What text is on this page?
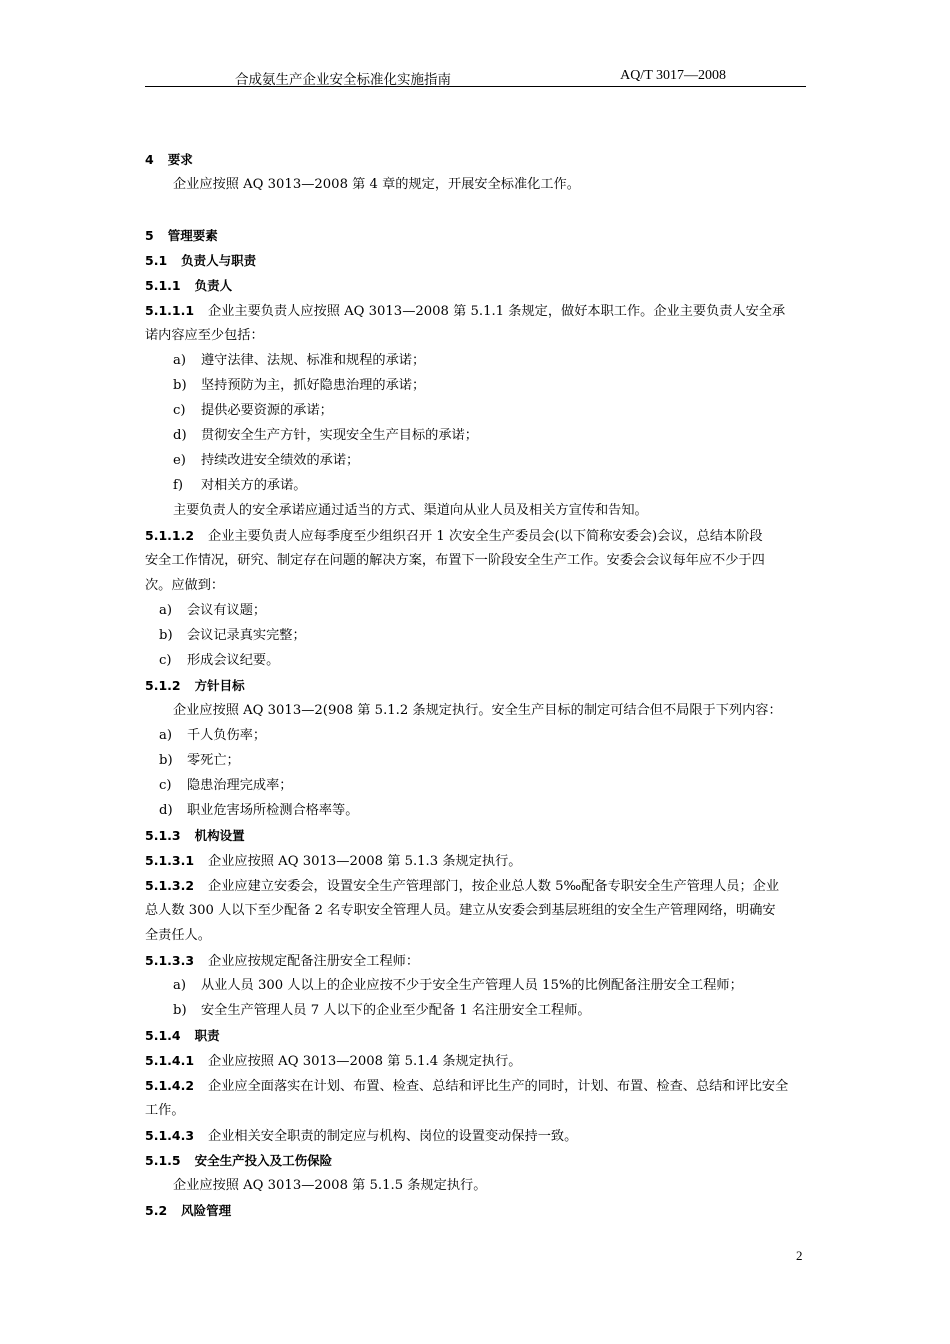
合成氨生产企业安全标准化实施指南	AQ/T 3017—2008
4 要求
企业应按照 AQ 3013—2008 第 4 章的规定，开展安全标准化工作。
5 管理要素
5.1 负责人与职责
5.1.1 负责人
5.1.1.1 企业主要负责人应按照 AQ 3013—2008 第 5.1.1 条规定，做好本职工作。企业主要负责人安全承
诺内容应至少包括：
a) 遵守法律、法规、标准和规程的承诺；
b) 坚持预防为主，抓好隐患治理的承诺；
c) 提供必要资源的承诺；
d) 贯彻安全生产方针，实现安全生产目标的承诺；
e) 持续改进安全绩效的承诺；
f) 对相关方的承诺。
主要负责人的安全承诺应通过适当的方式、渠道向从业人员及相关方宣传和告知。
5.1.1.2 企业主要负责人应每季度至少组织召开 1 次安全生产委员会(以下简称安委会)会议，总结本阶段
安全工作情况，研究、制定存在问题的解决方案，布置下一阶段安全生产工作。安委会会议每年应不少于四
次。应做到：
a) 会议有议题；
b) 会议记录真实完整；
c) 形成会议纪要。
5.1.2 方针目标
企业应按照 AQ 3013—2(908 第 5.1.2 条规定执行。安全生产目标的制定可结合但不局限于下列内容：
a) 千人负伤率；
b) 零死亡；
c) 隐患治理完成率；
d) 职业危害场所检测合格率等。
5.1.3 机构设置
5.1.3.1 企业应按照 AQ 3013—2008 第 5.1.3 条规定执行。
5.1.3.2 企业应建立安委会，设置安全生产管理部门，按企业总人数 5‰配备专职安全生产管理人员；企业
总人数 300 人以下至少配备 2 名专职安全管理人员。建立从安委会到基层班组的安全生产管理网络，明确安
全责任人。
5.1.3.3 企业应按规定配备注册安全工程师：
a) 从业人员 300 人以上的企业应按不少于安全生产管理人员 15%的比例配备注册安全工程师；
b) 安全生产管理人员 7 人以下的企业至少配备 1 名注册安全工程师。
5.1.4 职责
5.1.4.1 企业应按照 AQ 3013—2008 第 5.1.4 条规定执行。
5.1.4.2 企业应全面落实在计划、布置、检查、总结和评比生产的同时，计划、布置、检查、总结和评比安全
工作。
5.1.4.3 企业相关安全职责的制定应与机构、岗位的设置变动保持一致。
5.1.5 安全生产投入及工伤保险
企业应按照 AQ 3013—2008 第 5.1.5 条规定执行。
5.2 风险管理
2
